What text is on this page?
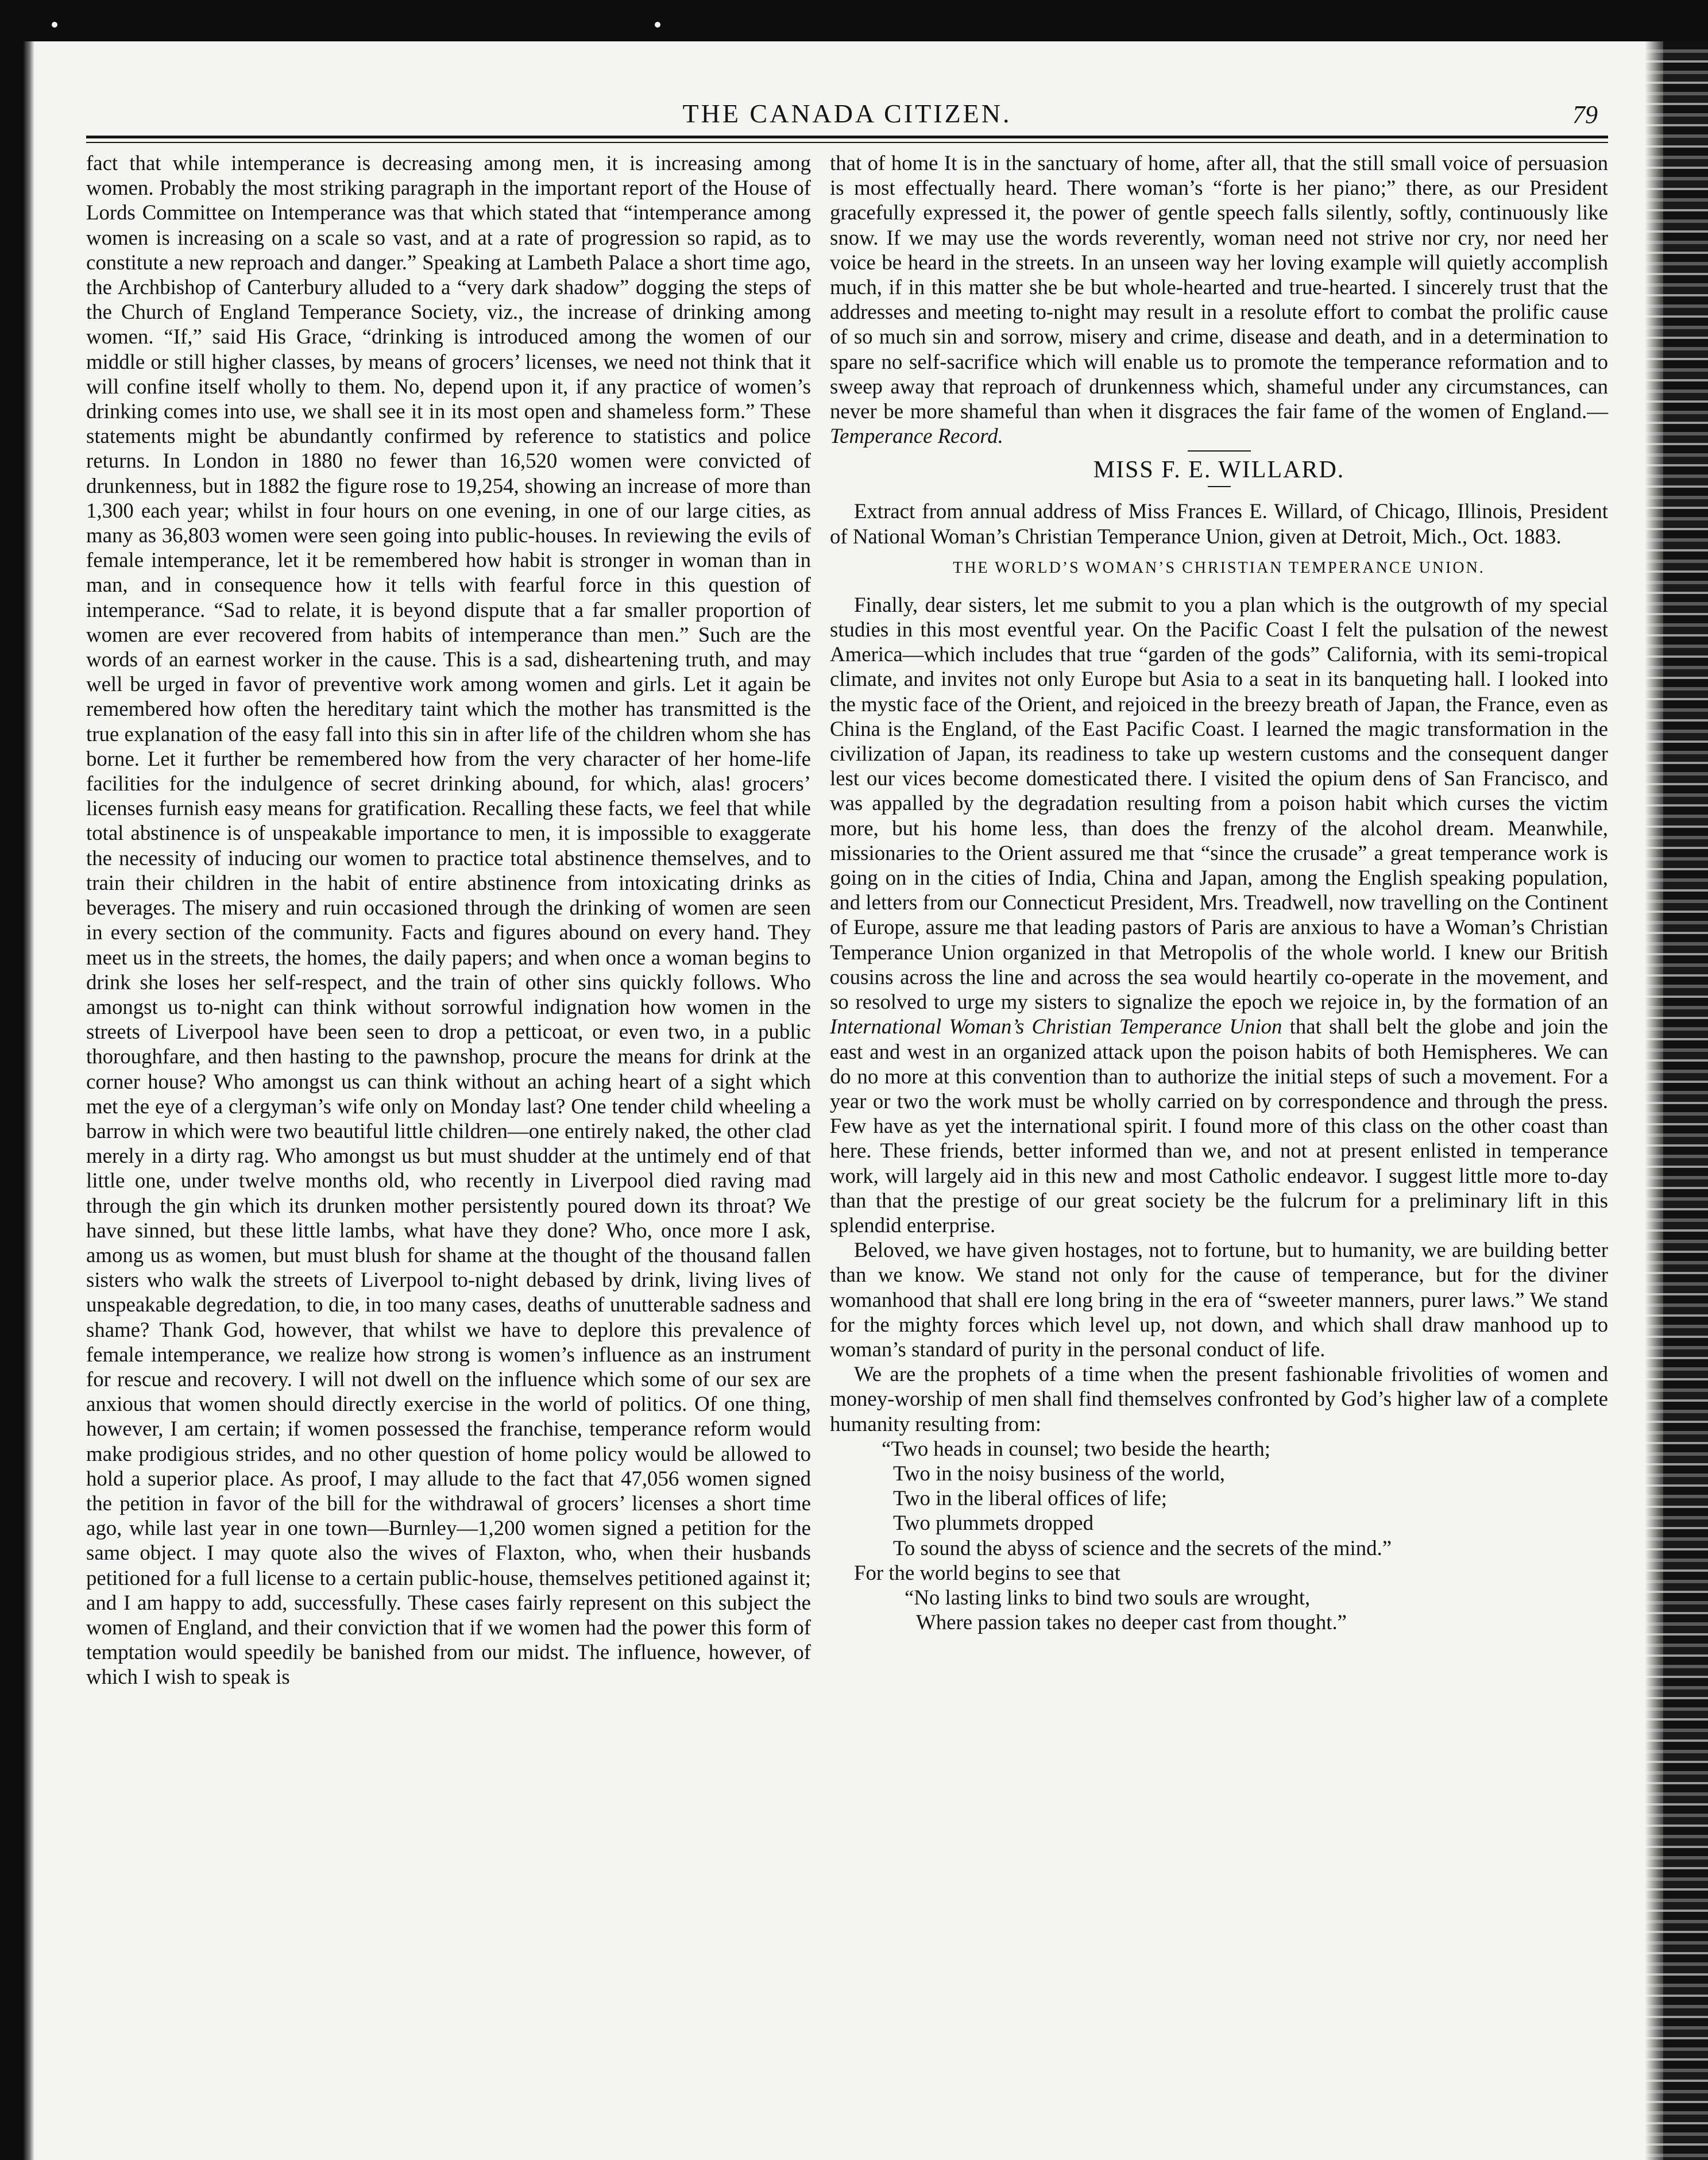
THE CANADA CITIZEN.	79

fact that while intemperance is decreasing among men, it is increasing among women. Probably the most striking paragraph in the important report of the House of Lords Committee on Intemperance was that which stated that “intemperance among women is increasing on a scale so vast, and at a rate of progression so rapid, as to constitute a new reproach and danger.” Speaking at Lambeth Palace a short time ago, the Archbishop of Canterbury alluded to a “very dark shadow” dogging the steps of the Church of England Temperance Society, viz., the increase of drinking among women. “If,” said His Grace, “drinking is introduced among the women of our middle or still higher classes, by means of grocers’ licenses, we need not think that it will confine itself wholly to them. No, depend upon it, if any practice of women’s drinking comes into use, we shall see it in its most open and shameless form.” These statements might be abundantly confirmed by reference to statistics and police returns. In London in 1880 no fewer than 16,520 women were convicted of drunkenness, but in 1882 the figure rose to 19,254, showing an increase of more than 1,300 each year; whilst in four hours on one evening, in one of our large cities, as many as 36,803 women were seen going into public-houses. In reviewing the evils of female intemperance, let it be remembered how habit is stronger in woman than in man, and in consequence how it tells with fearful force in this question of intemperance. “Sad to relate, it is beyond dispute that a far smaller proportion of women are ever recovered from habits of intemperance than men.” Such are the words of an earnest worker in the cause. This is a sad, disheartening truth, and may well be urged in favor of preventive work among women and girls. Let it again be remembered how often the hereditary taint which the mother has transmitted is the true explanation of the easy fall into this sin in after life of the children whom she has borne. Let it further be remembered how from the very character of her home-life facilities for the indulgence of secret drinking abound, for which, alas! grocers’ licenses furnish easy means for gratification. Recalling these facts, we feel that while total abstinence is of unspeakable importance to men, it is impossible to exaggerate the necessity of inducing our women to practice total abstinence themselves, and to train their children in the habit of entire abstinence from intoxicating drinks as beverages. The misery and ruin occasioned through the drinking of women are seen in every section of the community. Facts and figures abound on every hand. They meet us in the streets, the homes, the daily papers; and when once a woman begins to drink she loses her self-respect, and the train of other sins quickly follows. Who amongst us to-night can think without sorrowful indignation how women in the streets of Liverpool have been seen to drop a petticoat, or even two, in a public thoroughfare, and then hasting to the pawnshop, procure the means for drink at the corner house? Who amongst us can think without an aching heart of a sight which met the eye of a clergyman’s wife only on Monday last? One tender child wheeling a barrow in which were two beautiful little children—one entirely naked, the other clad merely in a dirty rag. Who amongst us but must shudder at the untimely end of that little one, under twelve months old, who recently in Liverpool died raving mad through the gin which its drunken mother persistently poured down its throat? We have sinned, but these little lambs, what have they done? Who, once more I ask, among us as women, but must blush for shame at the thought of the thousand fallen sisters who walk the streets of Liverpool to-night debased by drink, living lives of unspeakable degredation, to die, in too many cases, deaths of unutterable sadness and shame? Thank God, however, that whilst we have to deplore this prevalence of female intemperance, we realize how strong is women’s influence as an instrument for rescue and recovery. I will not dwell on the influence which some of our sex are anxious that women should directly exercise in the world of politics. Of one thing, however, I am certain; if women possessed the franchise, temperance reform would make prodigious strides, and no other question of home policy would be allowed to hold a superior place. As proof, I may allude to the fact that 47,056 women signed the petition in favor of the bill for the withdrawal of grocers’ licenses a short time ago, while last year in one town—Burnley—1,200 women signed a petition for the same object. I may quote also the wives of Flaxton, who, when their husbands petitioned for a full license to a certain public-house, themselves petitioned against it; and I am happy to add, successfully. These cases fairly represent on this subject the women of England, and their conviction that if we women had the power this form of temptation would speedily be banished from our midst. The influence, however, of which I wish to speak is

that of home It is in the sanctuary of home, after all, that the still small voice of persuasion is most effectually heard. There woman’s “forte is her piano;” there, as our President gracefully expressed it, the power of gentle speech falls silently, softly, continuously like snow. If we may use the words reverently, woman need not strive nor cry, nor need her voice be heard in the streets. In an unseen way her loving example will quietly accomplish much, if in this matter she be but whole-hearted and true-hearted. I sincerely trust that the addresses and meeting to-night may result in a resolute effort to combat the prolific cause of so much sin and sorrow, misery and crime, disease and death, and in a determination to spare no self-sacrifice which will enable us to promote the temperance reformation and to sweep away that reproach of drunkenness which, shameful under any circumstances, can never be more shameful than when it disgraces the fair fame of the women of England.—Temperance Record.

MISS F. E. WILLARD.

Extract from annual address of Miss Frances E. Willard, of Chicago, Illinois, President of National Woman’s Christian Temperance Union, given at Detroit, Mich., Oct. 1883.

THE WORLD’S WOMAN’S CHRISTIAN TEMPERANCE UNION.

Finally, dear sisters, let me submit to you a plan which is the outgrowth of my special studies in this most eventful year. On the Pacific Coast I felt the pulsation of the newest America—which includes that true “garden of the gods” California, with its semi-tropical climate, and invites not only Europe but Asia to a seat in its banqueting hall. I looked into the mystic face of the Orient, and rejoiced in the breezy breath of Japan, the France, even as China is the England, of the East Pacific Coast. I learned the magic transformation in the civilization of Japan, its readiness to take up western customs and the consequent danger lest our vices become domesticated there. I visited the opium dens of San Francisco, and was appalled by the degradation resulting from a poison habit which curses the victim more, but his home less, than does the frenzy of the alcohol dream. Meanwhile, missionaries to the Orient assured me that “since the crusade” a great temperance work is going on in the cities of India, China and Japan, among the English speaking population, and letters from our Connecticut President, Mrs. Treadwell, now travelling on the Continent of Europe, assure me that leading pastors of Paris are anxious to have a Woman’s Christian Temperance Union organized in that Metropolis of the whole world. I knew our British cousins across the line and across the sea would heartily co-operate in the movement, and so resolved to urge my sisters to signalize the epoch we rejoice in, by the formation of an International Woman’s Christian Temperance Union that shall belt the globe and join the east and west in an organized attack upon the poison habits of both Hemispheres. We can do no more at this convention than to authorize the initial steps of such a movement. For a year or two the work must be wholly carried on by correspondence and through the press. Few have as yet the international spirit. I found more of this class on the other coast than here. These friends, better informed than we, and not at present enlisted in temperance work, will largely aid in this new and most Catholic endeavor. I suggest little more to-day than that the prestige of our great society be the fulcrum for a preliminary lift in this splendid enterprise.

Beloved, we have given hostages, not to fortune, but to humanity, we are building better than we know. We stand not only for the cause of temperance, but for the diviner womanhood that shall ere long bring in the era of “sweeter manners, purer laws.” We stand for the mighty forces which level up, not down, and which shall draw manhood up to woman’s standard of purity in the personal conduct of life.

We are the prophets of a time when the present fashionable frivolities of women and money-worship of men shall find themselves confronted by God’s higher law of a complete humanity resulting from:

“Two heads in counsel; two beside the hearth;

Two in the noisy business of the world,

Two in the liberal offices of life;

Two plummets dropped

To sound the abyss of science and the secrets of the mind.”

For the world begins to see that

“No lasting links to bind two souls are wrought,

Where passion takes no deeper cast from thought.”
